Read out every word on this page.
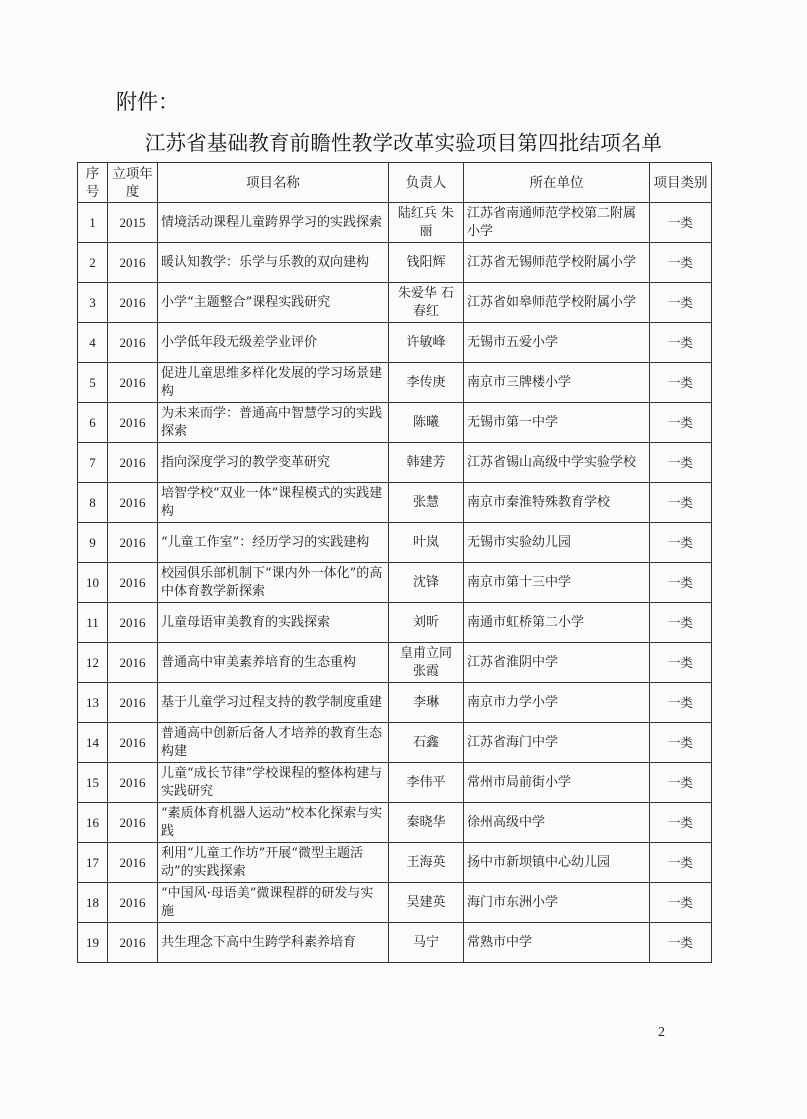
附件：
江苏省基础教育前瞻性教学改革实验项目第四批结项名单
序号	立项年度	项目名称	负责人	所在单位	项目类别
1	2015	情境活动课程儿童跨界学习的实践探索	陆红兵 朱丽	江苏省南通师范学校第二附属小学	一类
2	2016	暖认知教学：乐学与乐教的双向建构	钱阳辉	江苏省无锡师范学校附属小学	一类
3	2016	小学“主题整合”课程实践研究	朱爱华 石春红	江苏省如皋师范学校附属小学	一类
4	2016	小学低年段无级差学业评价	许敏峰	无锡市五爱小学	一类
5	2016	促进儿童思维多样化发展的学习场景建构	李传庚	南京市三牌楼小学	一类
6	2016	为未来而学：普通高中智慧学习的实践探索	陈曦	无锡市第一中学	一类
7	2016	指向深度学习的教学变革研究	韩建芳	江苏省锡山高级中学实验学校	一类
8	2016	培智学校“双业一体”课程模式的实践建构	张慧	南京市秦淮特殊教育学校	一类
9	2016	“儿童工作室”：经历学习的实践建构	叶岚	无锡市实验幼儿园	一类
10	2016	校园俱乐部机制下“课内外一体化”的高中体育教学新探索	沈锋	南京市第十三中学	一类
11	2016	儿童母语审美教育的实践探索	刘昕	南通市虹桥第二小学	一类
12	2016	普通高中审美素养培育的生态重构	皇甫立同 张霞	江苏省淮阴中学	一类
13	2016	基于儿童学习过程支持的教学制度重建	李琳	南京市力学小学	一类
14	2016	普通高中创新后备人才培养的教育生态构建	石鑫	江苏省海门中学	一类
15	2016	儿童“成长节律”学校课程的整体构建与实践研究	李伟平	常州市局前街小学	一类
16	2016	“素质体育机器人运动”校本化探索与实践	秦晓华	徐州高级中学	一类
17	2016	利用“儿童工作坊”开展“微型主题活动”的实践探索	王海英	扬中市新坝镇中心幼儿园	一类
18	2016	“中国风·母语美”微课程群的研发与实施	吴建英	海门市东洲小学	一类
19	2016	共生理念下高中生跨学科素养培育	马宁	常熟市中学	一类
2
